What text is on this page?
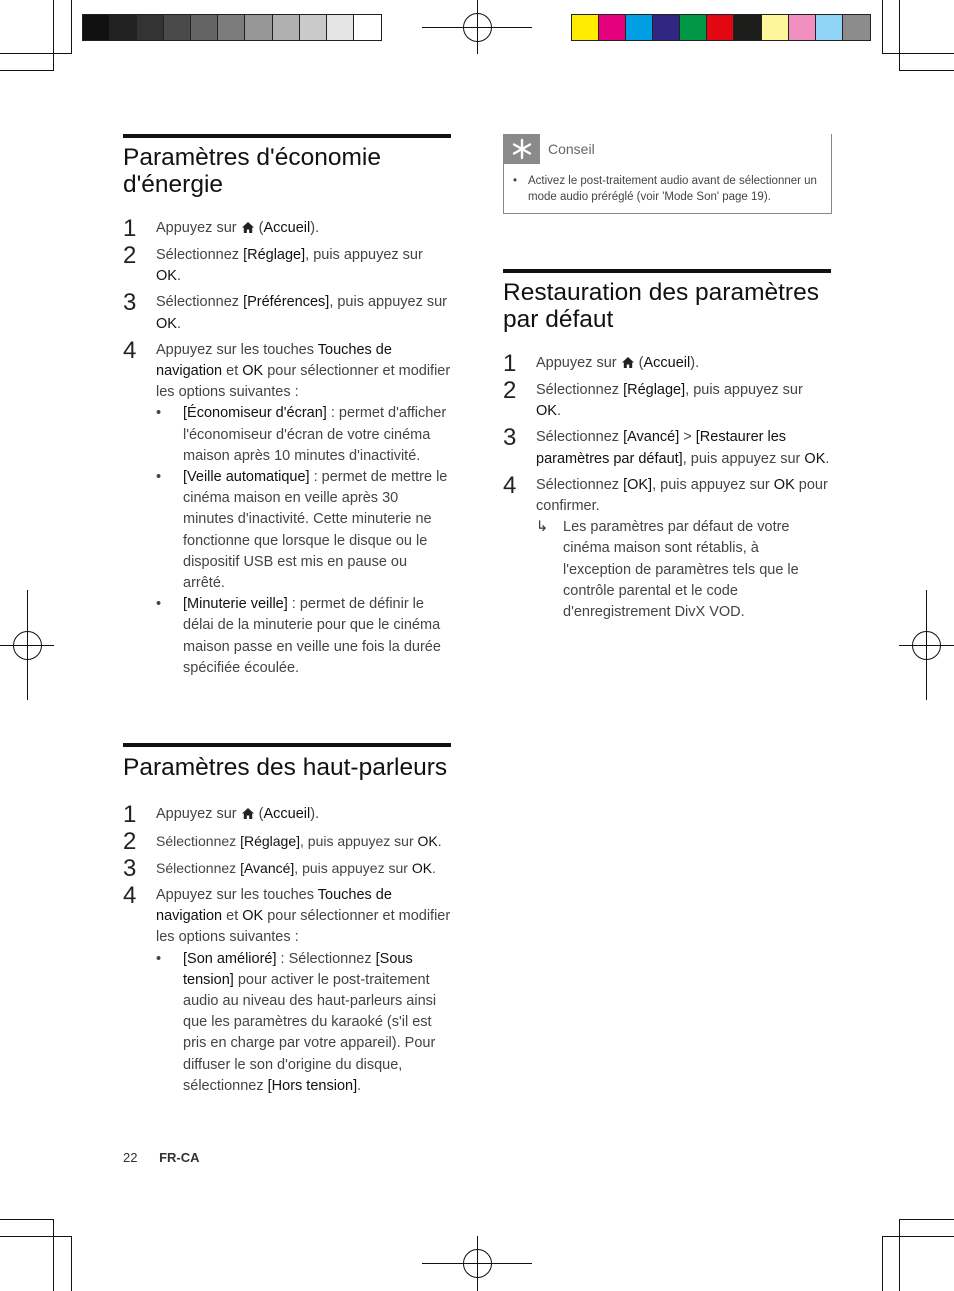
Paramètres d'économie d'énergie
1	Appuyez sur  (Accueil).
2	Sélectionnez [Réglage], puis appuyez sur OK.
3	Sélectionnez [Préférences], puis appuyez sur OK.
4	Appuyez sur les touches Touches de navigation et OK pour sélectionner et modifier les options suivantes :
•	[Économiseur d'écran] : permet d'afficher l'économiseur d'écran de votre cinéma maison après 10 minutes d'inactivité.
•	[Veille automatique] : permet de mettre le cinéma maison en veille après 30 minutes d'inactivité. Cette minuterie ne fonctionne que lorsque le disque ou le dispositif USB est mis en pause ou arrêté.
•	[Minuterie veille] : permet de définir le délai de la minuterie pour que le cinéma maison passe en veille une fois la durée spécifiée écoulée.
Paramètres des haut-parleurs
1	Appuyez sur  (Accueil).
2	Sélectionnez [Réglage], puis appuyez sur OK.
3	Sélectionnez [Avancé], puis appuyez sur OK.
4	Appuyez sur les touches Touches de navigation et OK pour sélectionner et modifier les options suivantes :
•	[Son amélioré] : Sélectionnez [Sous tension] pour activer le post-traitement audio au niveau des haut-parleurs ainsi que les paramètres du karaoké (s'il est pris en charge par votre appareil). Pour diffuser le son d'origine du disque, sélectionnez [Hors tension].
22 FR-CA
Conseil
• Activez le post-traitement audio avant de sélectionner un mode audio préréglé (voir 'Mode Son' page 19).
Restauration des paramètres par défaut
1	Appuyez sur  (Accueil).
2	Sélectionnez [Réglage], puis appuyez sur OK.
3	Sélectionnez [Avancé] > [Restaurer les paramètres par défaut], puis appuyez sur OK.
4	Sélectionnez [OK], puis appuyez sur OK pour confirmer.
↳	Les paramètres par défaut de votre cinéma maison sont rétablis, à l'exception de paramètres tels que le contrôle parental et le code d'enregistrement DivX VOD.
